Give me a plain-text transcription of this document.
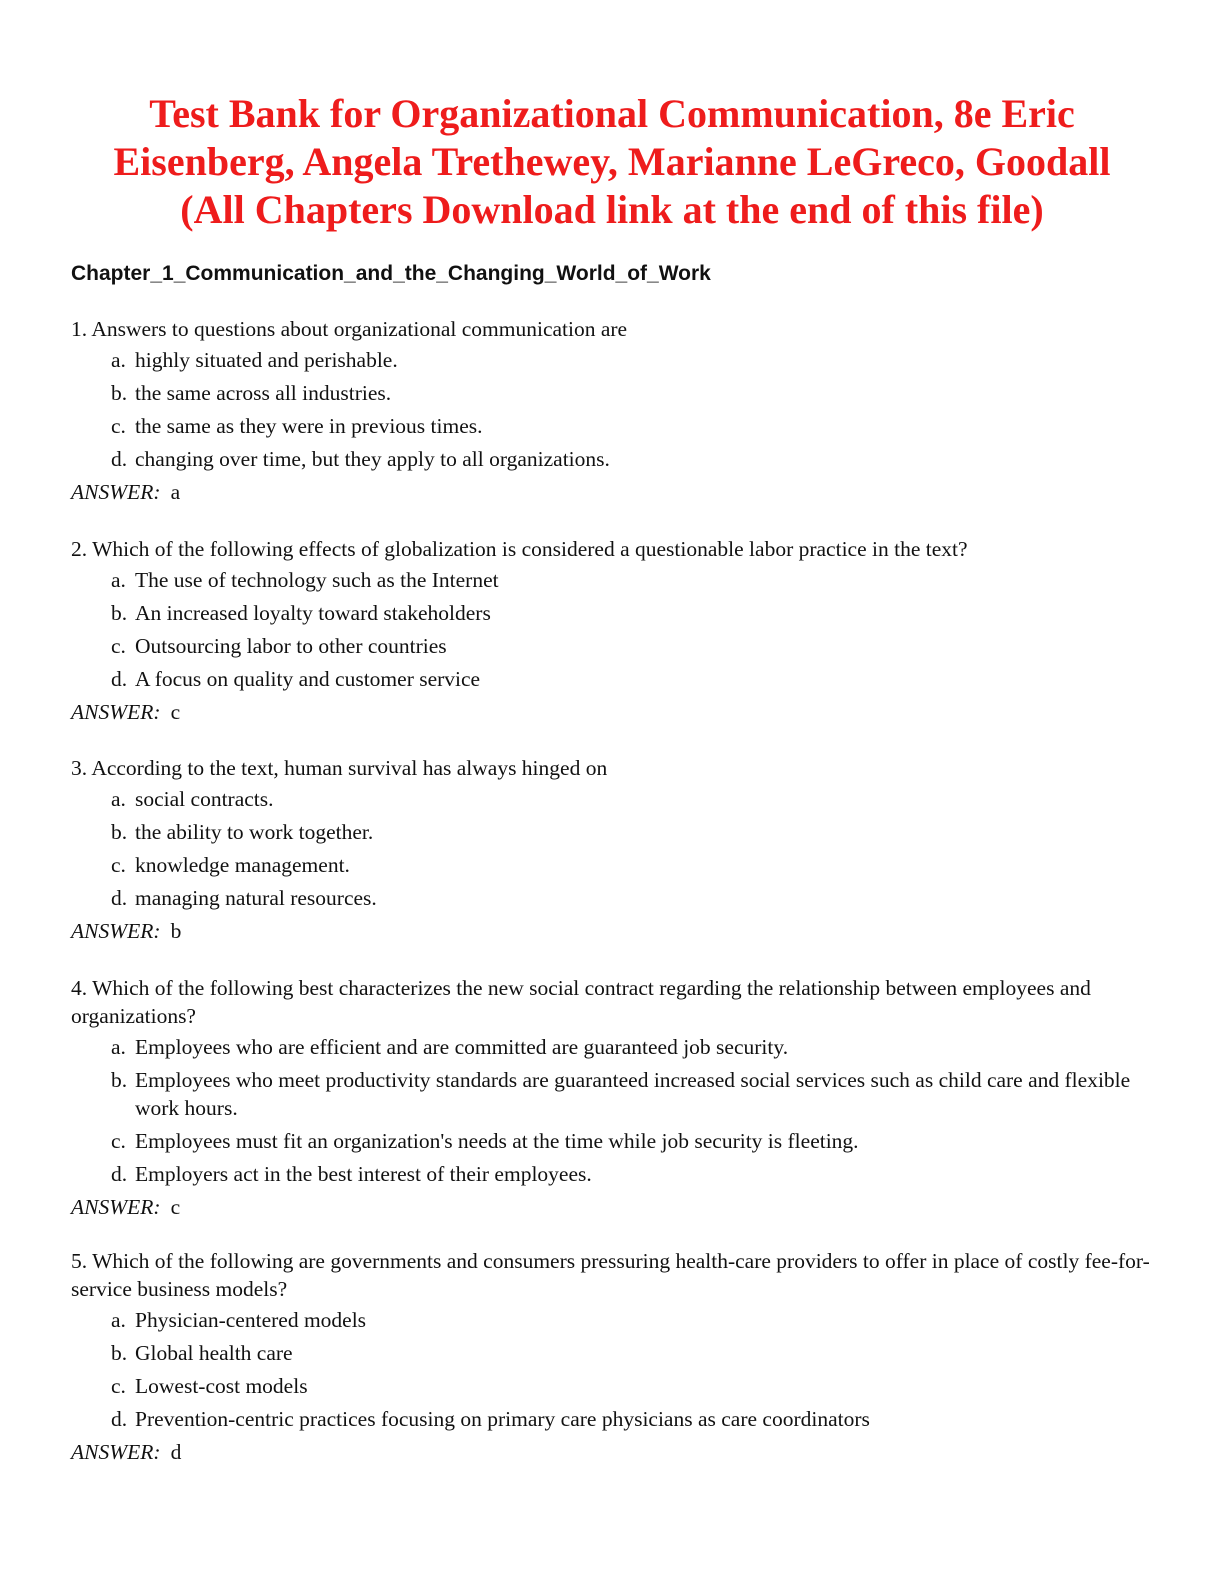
Test Bank for Organizational Communication, 8e Eric
Eisenberg, Angela Trethewey, Marianne LeGreco, Goodall
(All Chapters Download link at the end of this file)
Chapter_1_Communication_and_the_Changing_World_of_Work
1. Answers to questions about organizational communication are
a. highly situated and perishable.
b. the same across all industries.
c. the same as they were in previous times.
d. changing over time, but they apply to all organizations.
ANSWER: a
2. Which of the following effects of globalization is considered a questionable labor practice in the text?
a. The use of technology such as the Internet
b. An increased loyalty toward stakeholders
c. Outsourcing labor to other countries
d. A focus on quality and customer service
ANSWER: c
3. According to the text, human survival has always hinged on
a. social contracts.
b. the ability to work together.
c. knowledge management.
d. managing natural resources.
ANSWER: b
4. Which of the following best characterizes the new social contract regarding the relationship between employees and organizations?
a. Employees who are efficient and are committed are guaranteed job security.
b. Employees who meet productivity standards are guaranteed increased social services such as child care and flexible work hours.
c. Employees must fit an organization's needs at the time while job security is fleeting.
d. Employers act in the best interest of their employees.
ANSWER: c
5. Which of the following are governments and consumers pressuring health-care providers to offer in place of costly fee-for-service business models?
a. Physician-centered models
b. Global health care
c. Lowest-cost models
d. Prevention-centric practices focusing on primary care physicians as care coordinators
ANSWER: d
